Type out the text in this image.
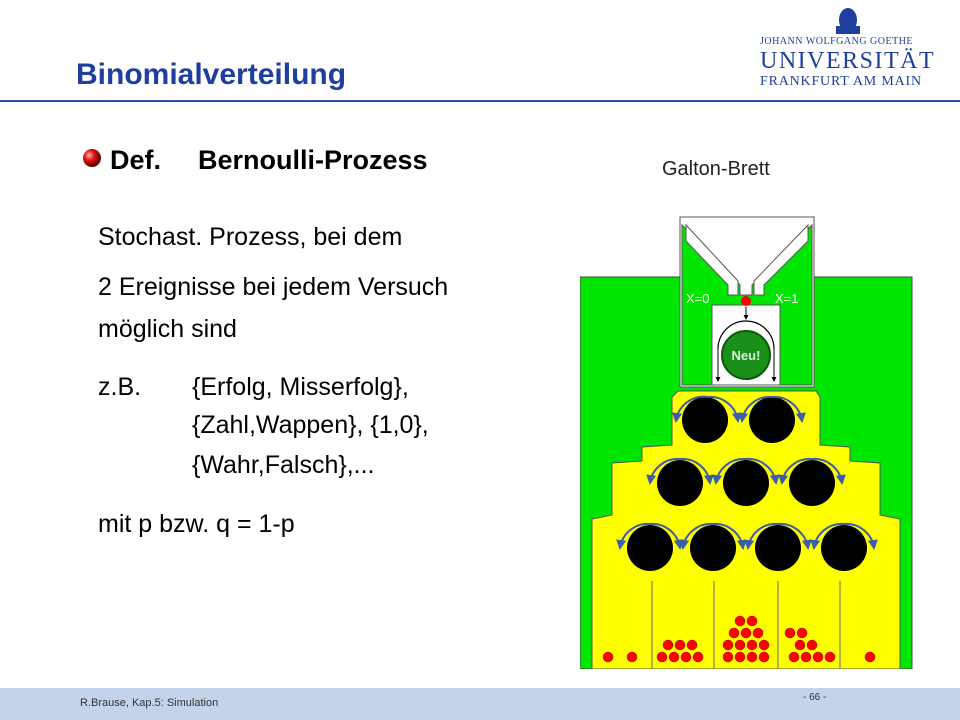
Binomialverteilung
JOHANN WOLFGANG GOETHE
UNIVERSITÄT
FRANKFURT AM MAIN
Def. Bernoulli-Prozess
Stochast. Prozess, bei dem
2 Ereignisse bei jedem Versuch
möglich sind
z.B. {Erfolg, Misserfolg},
{Zahl,Wappen}, {1,0},
{Wahr,Falsch},...
mit p bzw. q = 1-p
Galton-Brett
X=0	X=1
Neu!
R.Brause, Kap.5: Simulation	- 66 -
